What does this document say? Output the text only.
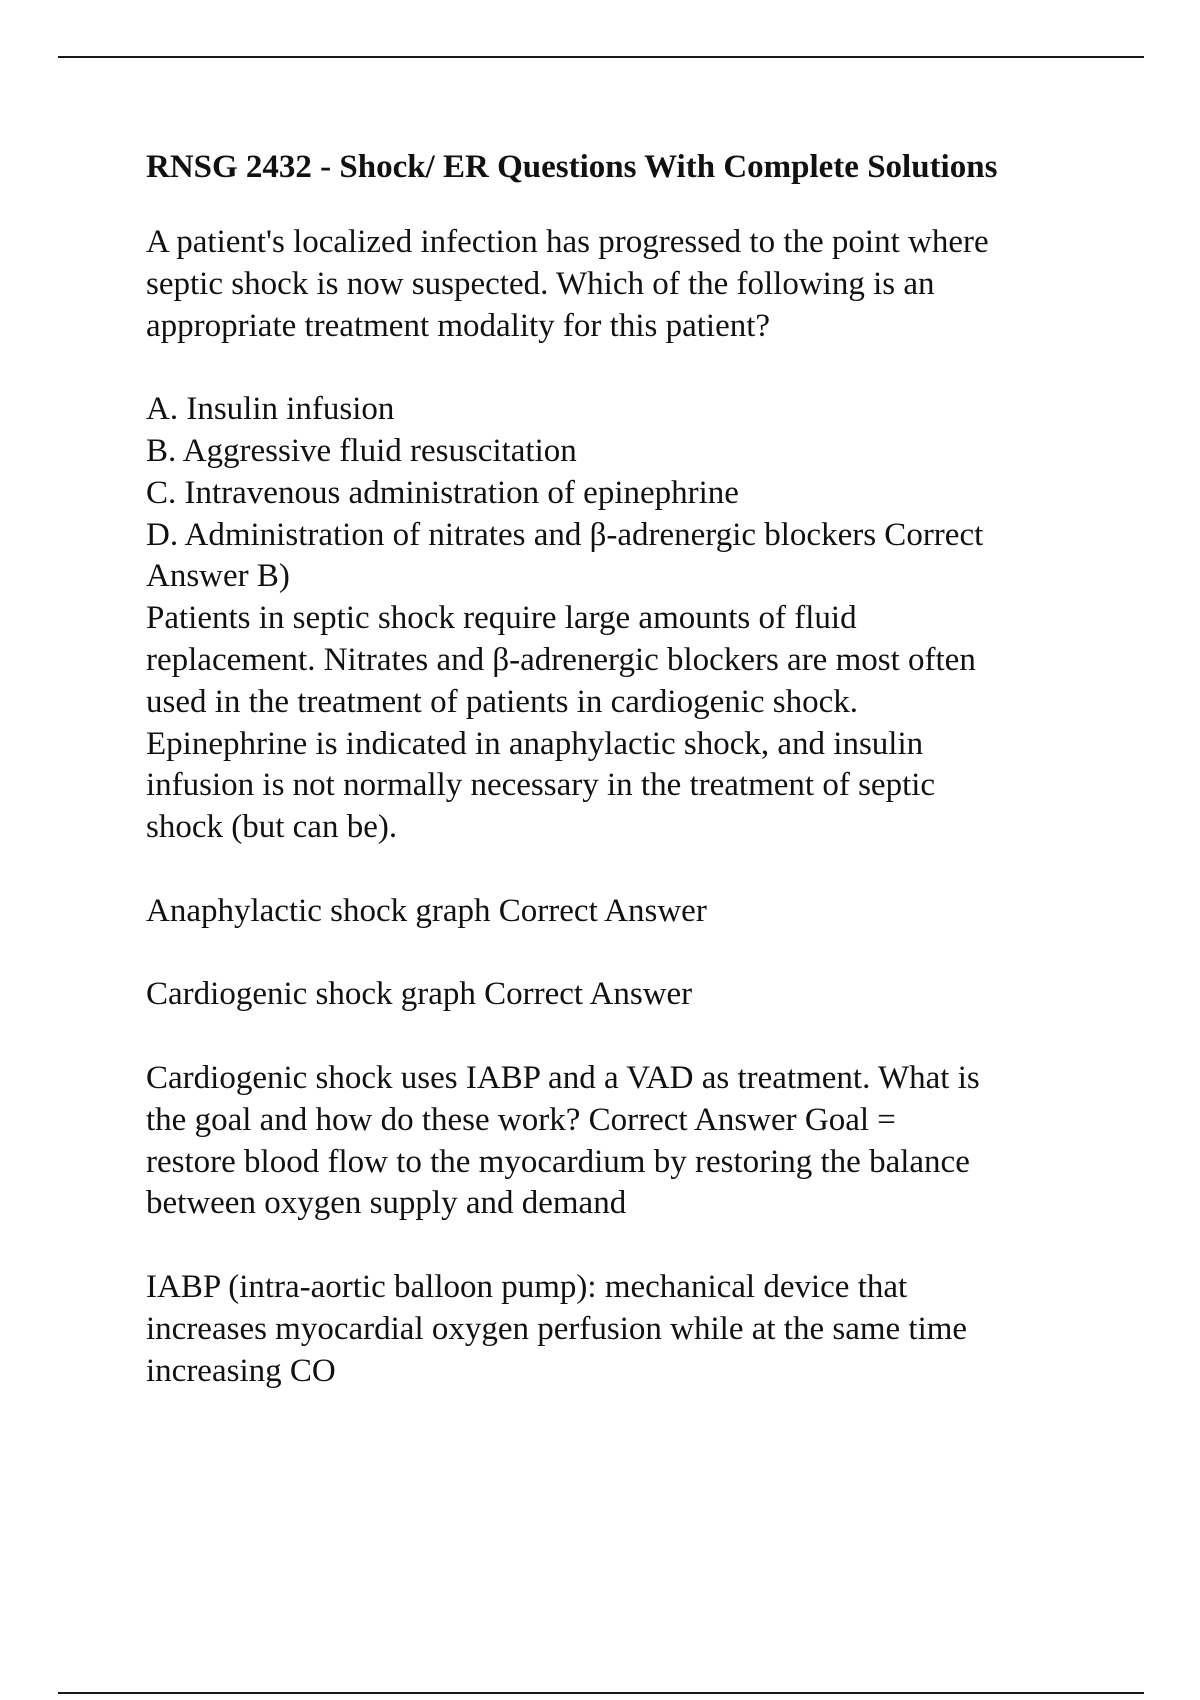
RNSG 2432 - Shock/ ER Questions With Complete Solutions

A patient's localized infection has progressed to the point where
septic shock is now suspected. Which of the following is an
appropriate treatment modality for this patient?

A. Insulin infusion
B. Aggressive fluid resuscitation
C. Intravenous administration of epinephrine
D. Administration of nitrates and β-adrenergic blockers Correct
Answer B)
Patients in septic shock require large amounts of fluid
replacement. Nitrates and β-adrenergic blockers are most often
used in the treatment of patients in cardiogenic shock.
Epinephrine is indicated in anaphylactic shock, and insulin
infusion is not normally necessary in the treatment of septic
shock (but can be).

Anaphylactic shock graph Correct Answer

Cardiogenic shock graph Correct Answer

Cardiogenic shock uses IABP and a VAD as treatment. What is
the goal and how do these work? Correct Answer Goal =
restore blood flow to the myocardium by restoring the balance
between oxygen supply and demand

IABP (intra-aortic balloon pump): mechanical device that
increases myocardial oxygen perfusion while at the same time
increasing CO
